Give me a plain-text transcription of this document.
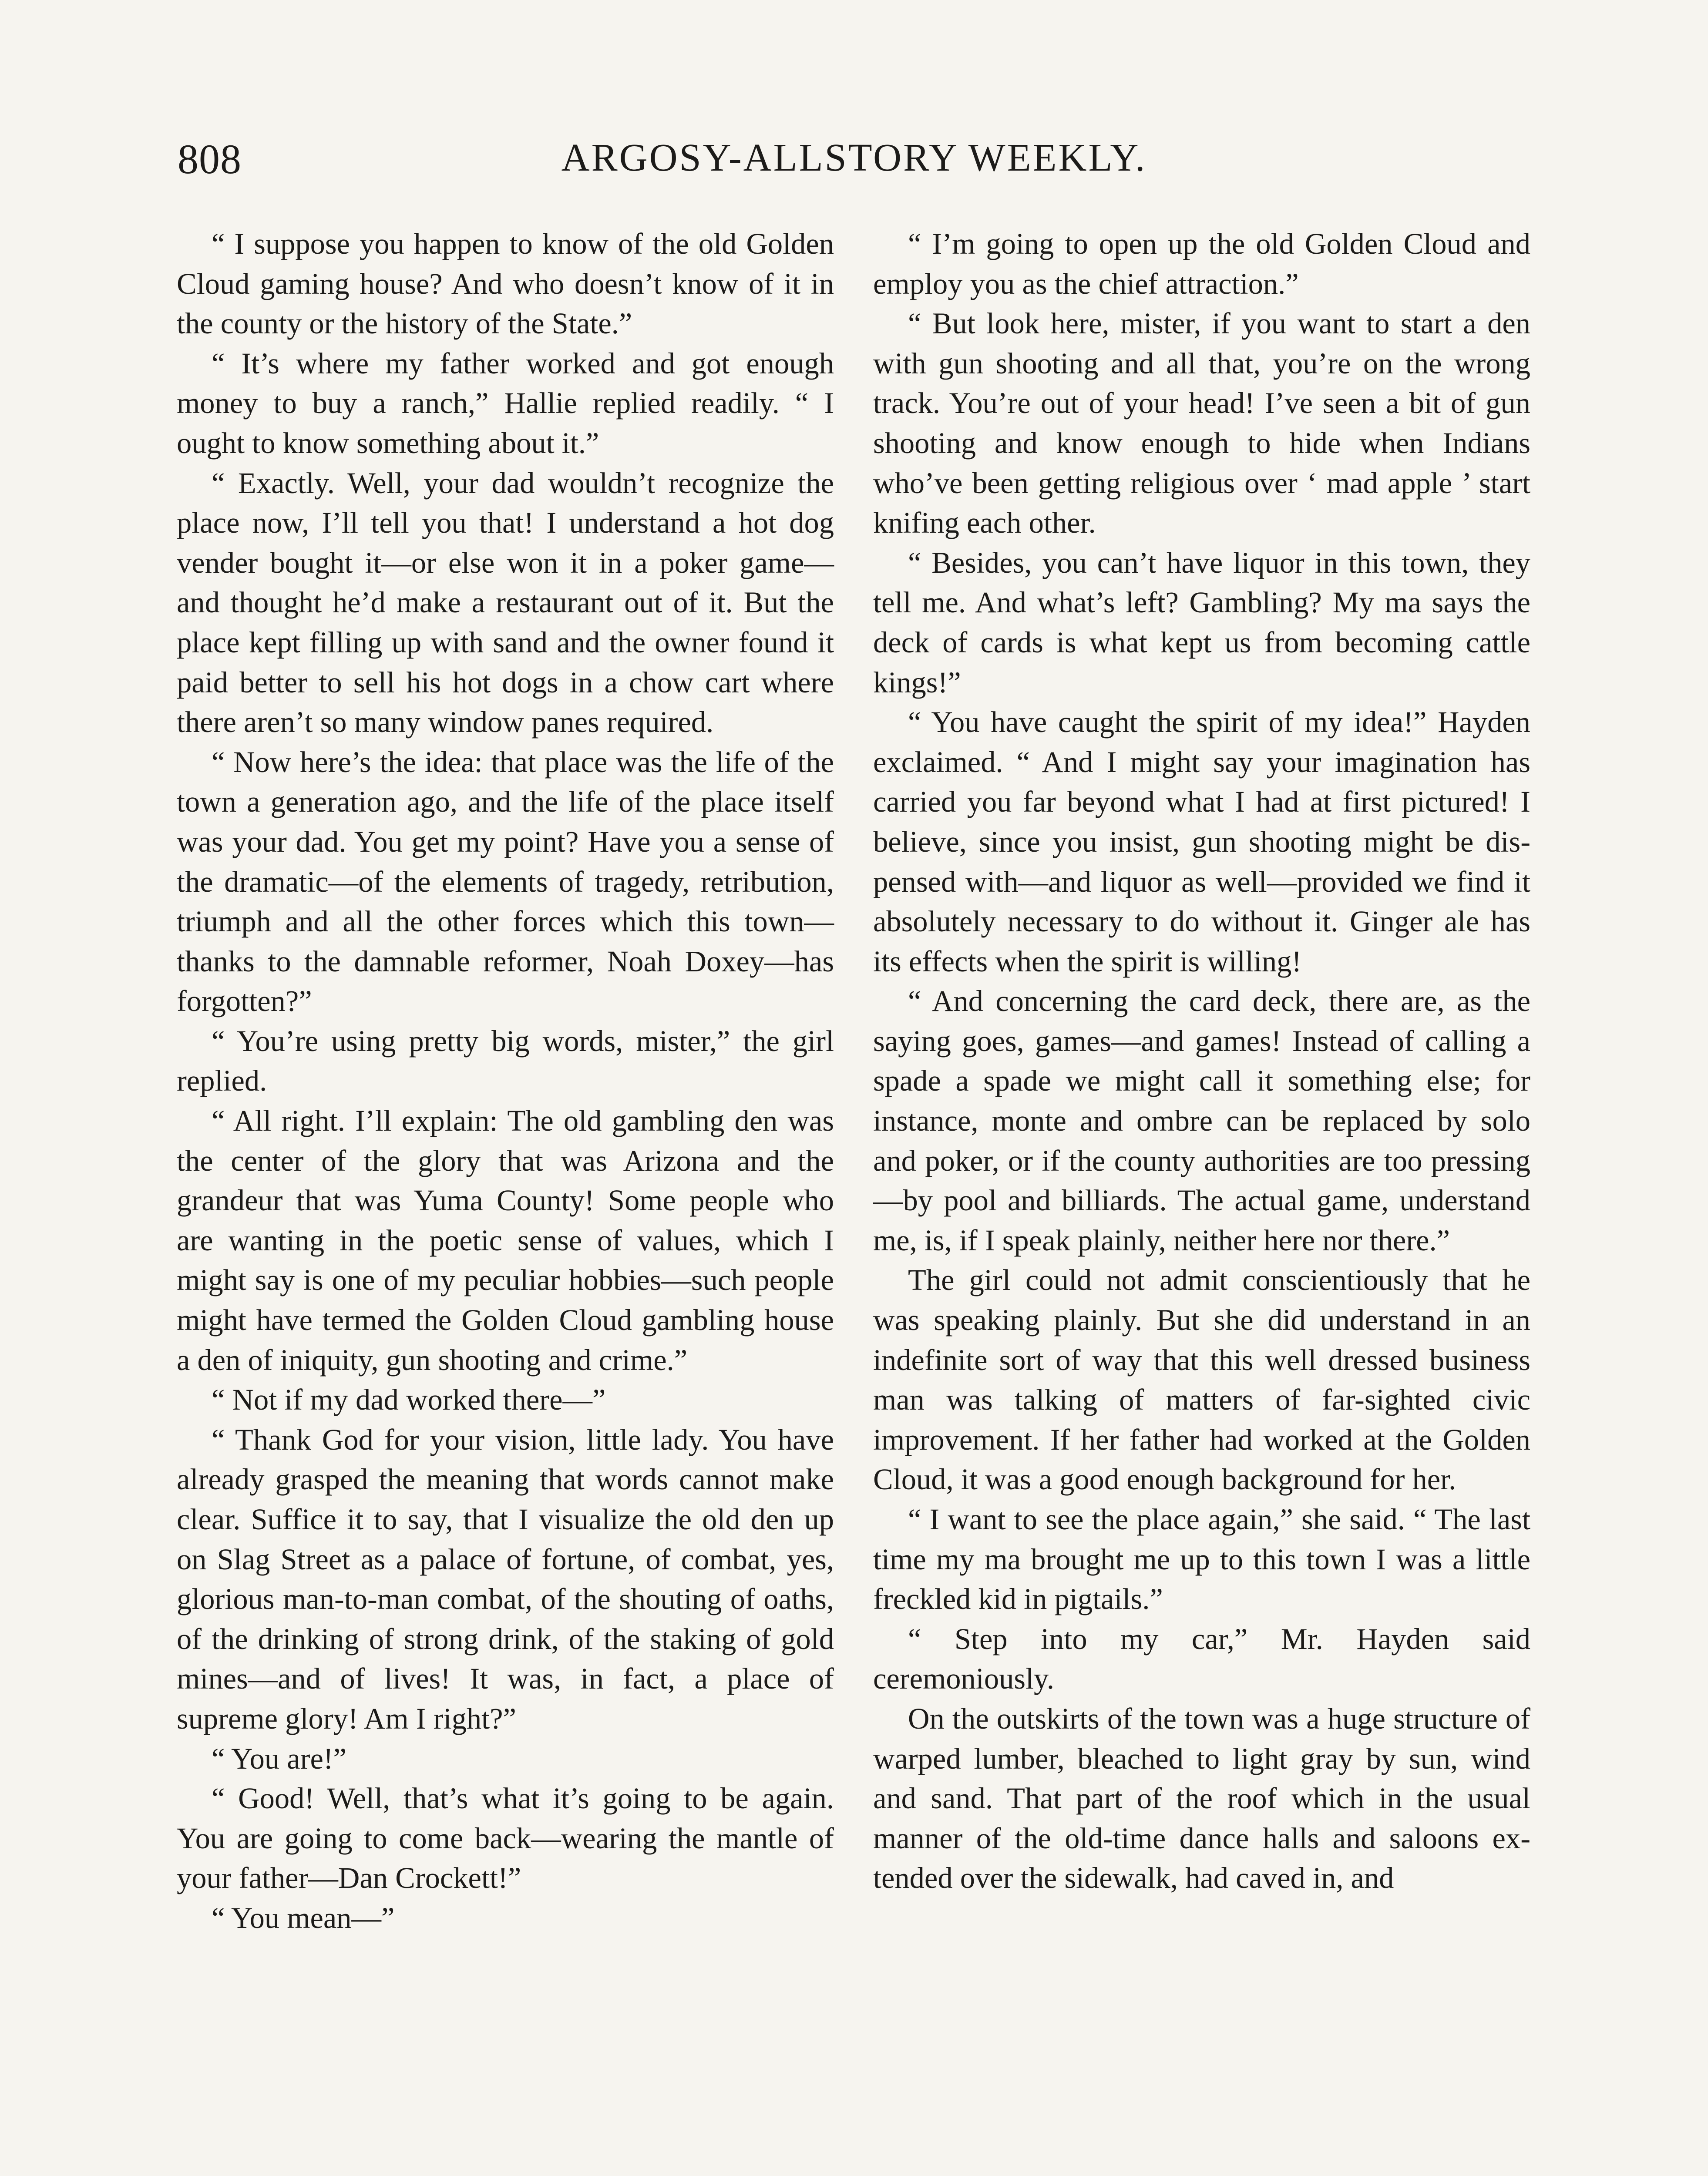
808	ARGOSY-ALLSTORY WEEKLY.

“ I suppose you happen to know of the old Golden Cloud gaming house? And who doesn’t know of it in the county or the history of the State.”

“ It’s where my father worked and got enough money to buy a ranch,” Hallie replied readily. “ I ought to know something about it.”

“ Exactly. Well, your dad wouldn’t recognize the place now, I’ll tell you that! I understand a hot dog vender bought it—or else won it in a poker game—and thought he’d make a restaurant out of it. But the place kept filling up with sand and the owner found it paid better to sell his hot dogs in a chow cart where there aren’t so many window panes required.

“ Now here’s the idea: that place was the life of the town a generation ago, and the life of the place itself was your dad. You get my point? Have you a sense of the dramatic—of the elements of tragedy, retribution, triumph and all the other forces which this town—thanks to the damnable reformer, Noah Doxey—has forgotten?”

“ You’re using pretty big words, mister,” the girl replied.

“ All right. I’ll explain: The old gambling den was the center of the glory that was Arizona and the grandeur that was Yuma County! Some people who are wanting in the poetic sense of values, which I might say is one of my peculiar hobbies—such people might have termed the Golden Cloud gambling house a den of iniquity, gun shooting and crime.”

“ Not if my dad worked there—”

“ Thank God for your vision, little lady. You have already grasped the meaning that words cannot make clear. Suffice it to say, that I visualize the old den up on Slag Street as a palace of fortune, of combat, yes, glorious man-to-man combat, of the shouting of oaths, of the drinking of strong drink, of the staking of gold mines—and of lives! It was, in fact, a place of supreme glory! Am I right?”

“ You are!”

“ Good! Well, that’s what it’s going to be again. You are going to come back—wearing the mantle of your father—Dan Crockett!”

“ You mean—”

“ I’m going to open up the old Golden Cloud and employ you as the chief attraction.”

“ But look here, mister, if you want to start a den with gun shooting and all that, you’re on the wrong track. You’re out of your head! I’ve seen a bit of gun shooting and know enough to hide when Indians who’ve been getting religious over ‘ mad apple ’ start knifing each other.

“ Besides, you can’t have liquor in this town, they tell me. And what’s left? Gambling? My ma says the deck of cards is what kept us from becoming cattle kings!”

“ You have caught the spirit of my idea!” Hayden exclaimed. “ And I might say your imagination has carried you far beyond what I had at first pictured! I believe, since you insist, gun shooting might be dispensed with—and liquor as well—provided we find it absolutely necessary to do without it. Ginger ale has its effects when the spirit is willing!

“ And concerning the card deck, there are, as the saying goes, games—and games! Instead of calling a spade a spade we might call it something else; for instance, monte and ombre can be replaced by solo and poker, or if the county authorities are too pressing—by pool and billiards. The actual game, understand me, is, if I speak plainly, neither here nor there.”

The girl could not admit conscientiously that he was speaking plainly. But she did understand in an indefinite sort of way that this well dressed business man was talking of matters of far-sighted civic improvement. If her father had worked at the Golden Cloud, it was a good enough background for her.

“ I want to see the place again,” she said. “ The last time my ma brought me up to this town I was a little freckled kid in pigtails.”

“ Step into my car,” Mr. Hayden said ceremoniously.

On the outskirts of the town was a huge structure of warped lumber, bleached to light gray by sun, wind and sand. That part of the roof which in the usual manner of the old-time dance halls and saloons extended over the sidewalk, had caved in, and
